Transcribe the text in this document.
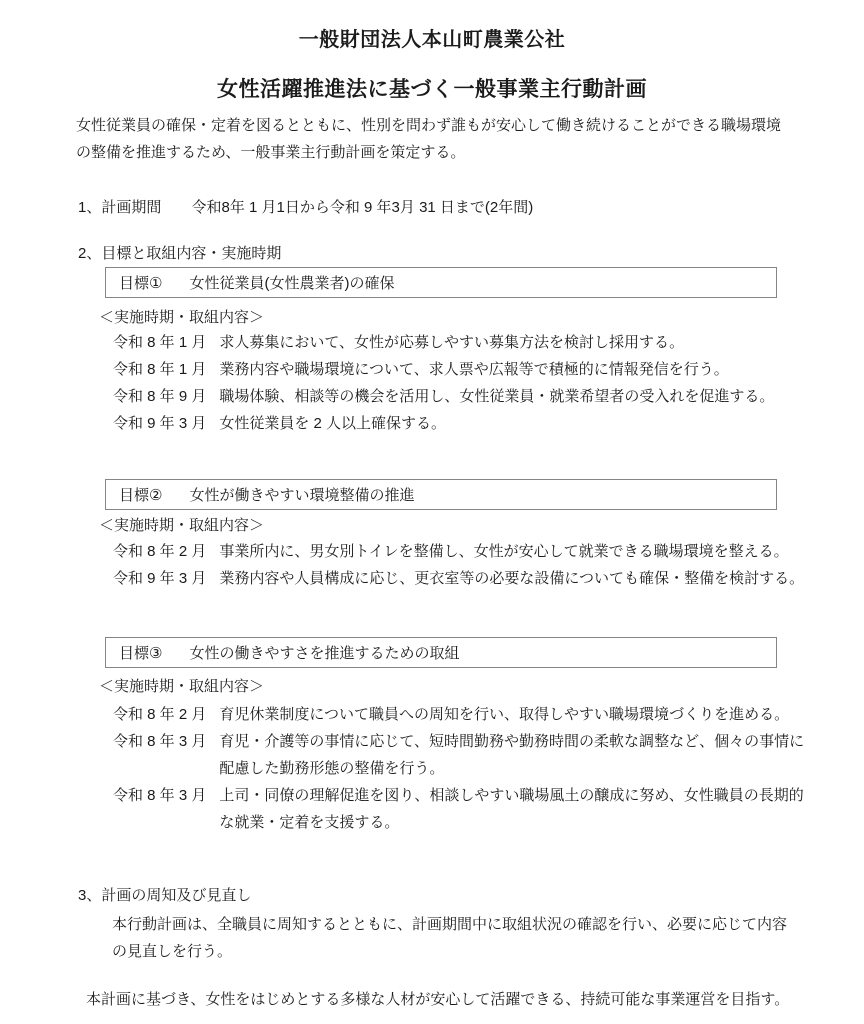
一般財団法人本山町農業公社
女性活躍推進法に基づく一般事業主行動計画
女性従業員の確保・定着を図るとともに、性別を問わず誰もが安心して働き続けることができる職場環境の整備を推進するため、一般事業主行動計画を策定する。
1、計画期間 令和8年 1 月1日から令和 9 年3月 31 日まで(2年間)
2、目標と取組内容・実施時期
目標① 女性従業員(女性農業者)の確保
＜実施時期・取組内容＞
令和 8 年 1 月 求人募集において、女性が応募しやすい募集方法を検討し採用する。
令和 8 年 1 月 業務内容や職場環境について、求人票や広報等で積極的に情報発信を行う。
令和 8 年 9 月 職場体験、相談等の機会を活用し、女性従業員・就業希望者の受入れを促進する。
令和 9 年 3 月 女性従業員を 2 人以上確保する。
目標② 女性が働きやすい環境整備の推進
＜実施時期・取組内容＞
令和 8 年 2 月 事業所内に、男女別トイレを整備し、女性が安心して就業できる職場環境を整える。
令和 9 年 3 月 業務内容や人員構成に応じ、更衣室等の必要な設備についても確保・整備を検討する。
目標③ 女性の働きやすさを推進するための取組
＜実施時期・取組内容＞
令和 8 年 2 月 育児休業制度について職員への周知を行い、取得しやすい職場環境づくりを進める。
令和 8 年 3 月 育児・介護等の事情に応じて、短時間勤務や勤務時間の柔軟な調整など、個々の事情に配慮した勤務形態の整備を行う。
令和 8 年 3 月 上司・同僚の理解促進を図り、相談しやすい職場風土の醸成に努め、女性職員の長期的な就業・定着を支援する。
3、計画の周知及び見直し
本行動計画は、全職員に周知するとともに、計画期間中に取組状況の確認を行い、必要に応じて内容の見直しを行う。
本計画に基づき、女性をはじめとする多様な人材が安心して活躍できる、持続可能な事業運営を目指す。
